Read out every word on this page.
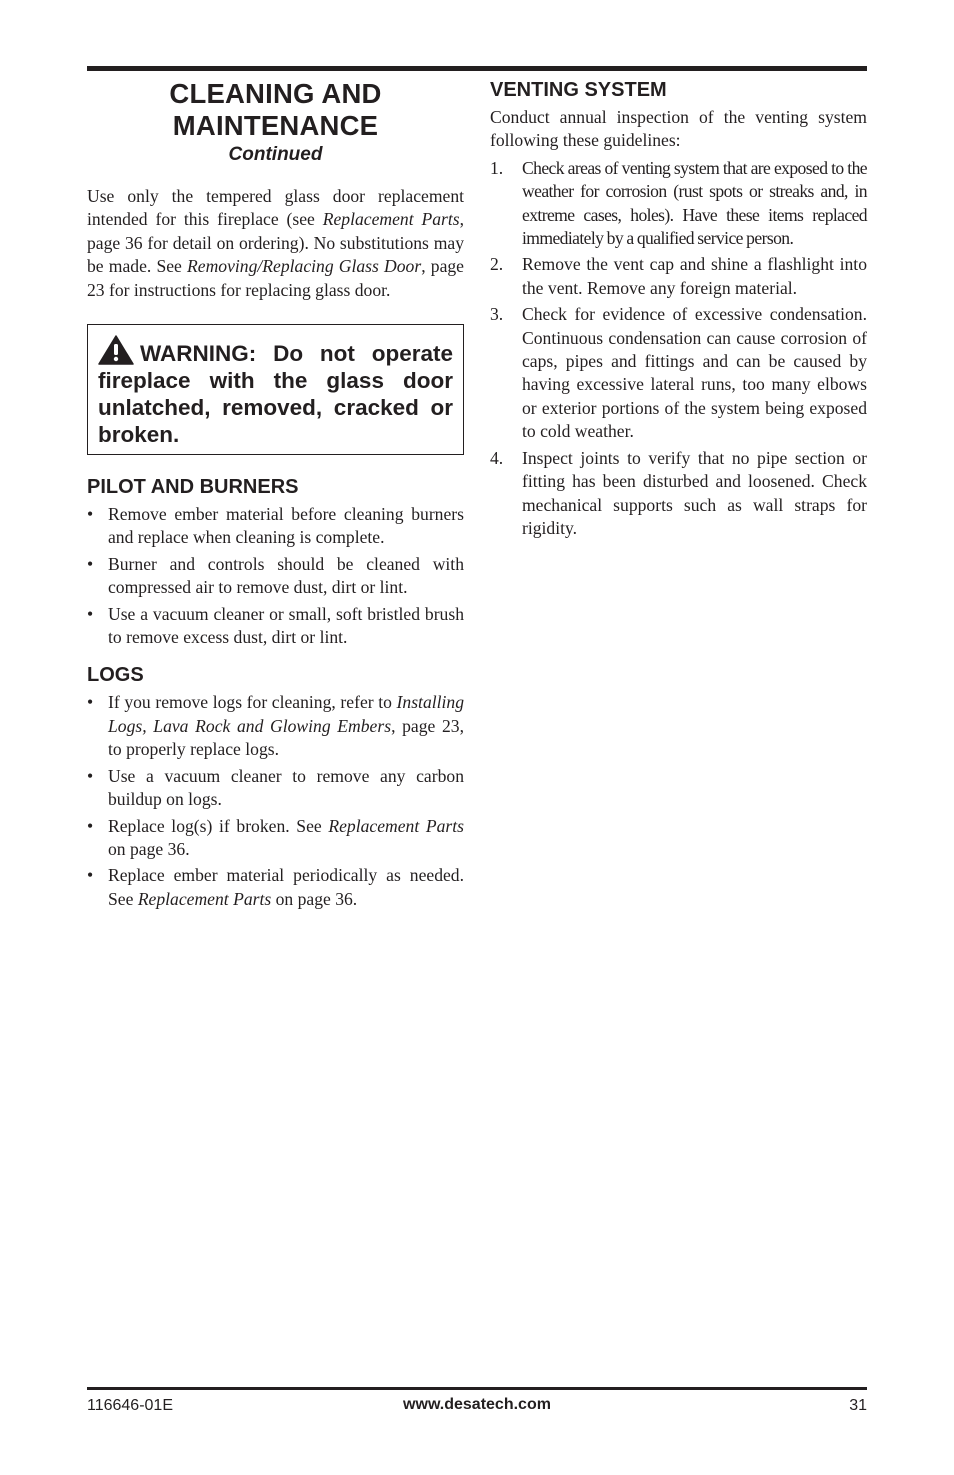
CLEANING AND
MAINTENANCE
Continued

Use only the tempered glass door replacement intended for this fireplace (see Replacement Parts, page 36 for detail on ordering). No substitutions may be made. See Removing/Replacing Glass Door, page 23 for instructions for replacing glass door.

WARNING: Do not operate fireplace with the glass door unlatched, removed, cracked or broken.

PILOT AND BURNERS
• Remove ember material before cleaning burners and replace when cleaning is complete.
• Burner and controls should be cleaned with compressed air to remove dust, dirt or lint.
• Use a vacuum cleaner or small, soft bristled brush to remove excess dust, dirt or lint.
LOGS
• If you remove logs for cleaning, refer to Installing Logs, Lava Rock and Glowing Embers, page 23, to properly replace logs.
• Use a vacuum cleaner to remove any carbon buildup on logs.
• Replace log(s) if broken. See Replacement Parts on page 36.
• Replace ember material periodically as needed. See Replacement Parts on page 36.
VENTING SYSTEM

Conduct annual inspection of the venting system following these guidelines:

1. Check areas of venting system that are exposed to the weather for corrosion (rust spots or streaks and, in extreme cases, holes). Have these items replaced immediately by a qualified service person.
2. Remove the vent cap and shine a flashlight into the vent. Remove any foreign material.
3. Check for evidence of excessive condensation. Continuous condensation can cause corrosion of caps, pipes and fittings and can be caused by having excessive lateral runs, too many elbows or exterior portions of the system being exposed to cold weather.
4. Inspect joints to verify that no pipe section or fitting has been disturbed and loosened. Check mechanical supports such as wall straps for rigidity.
116646-01E	www.desatech.com	31
